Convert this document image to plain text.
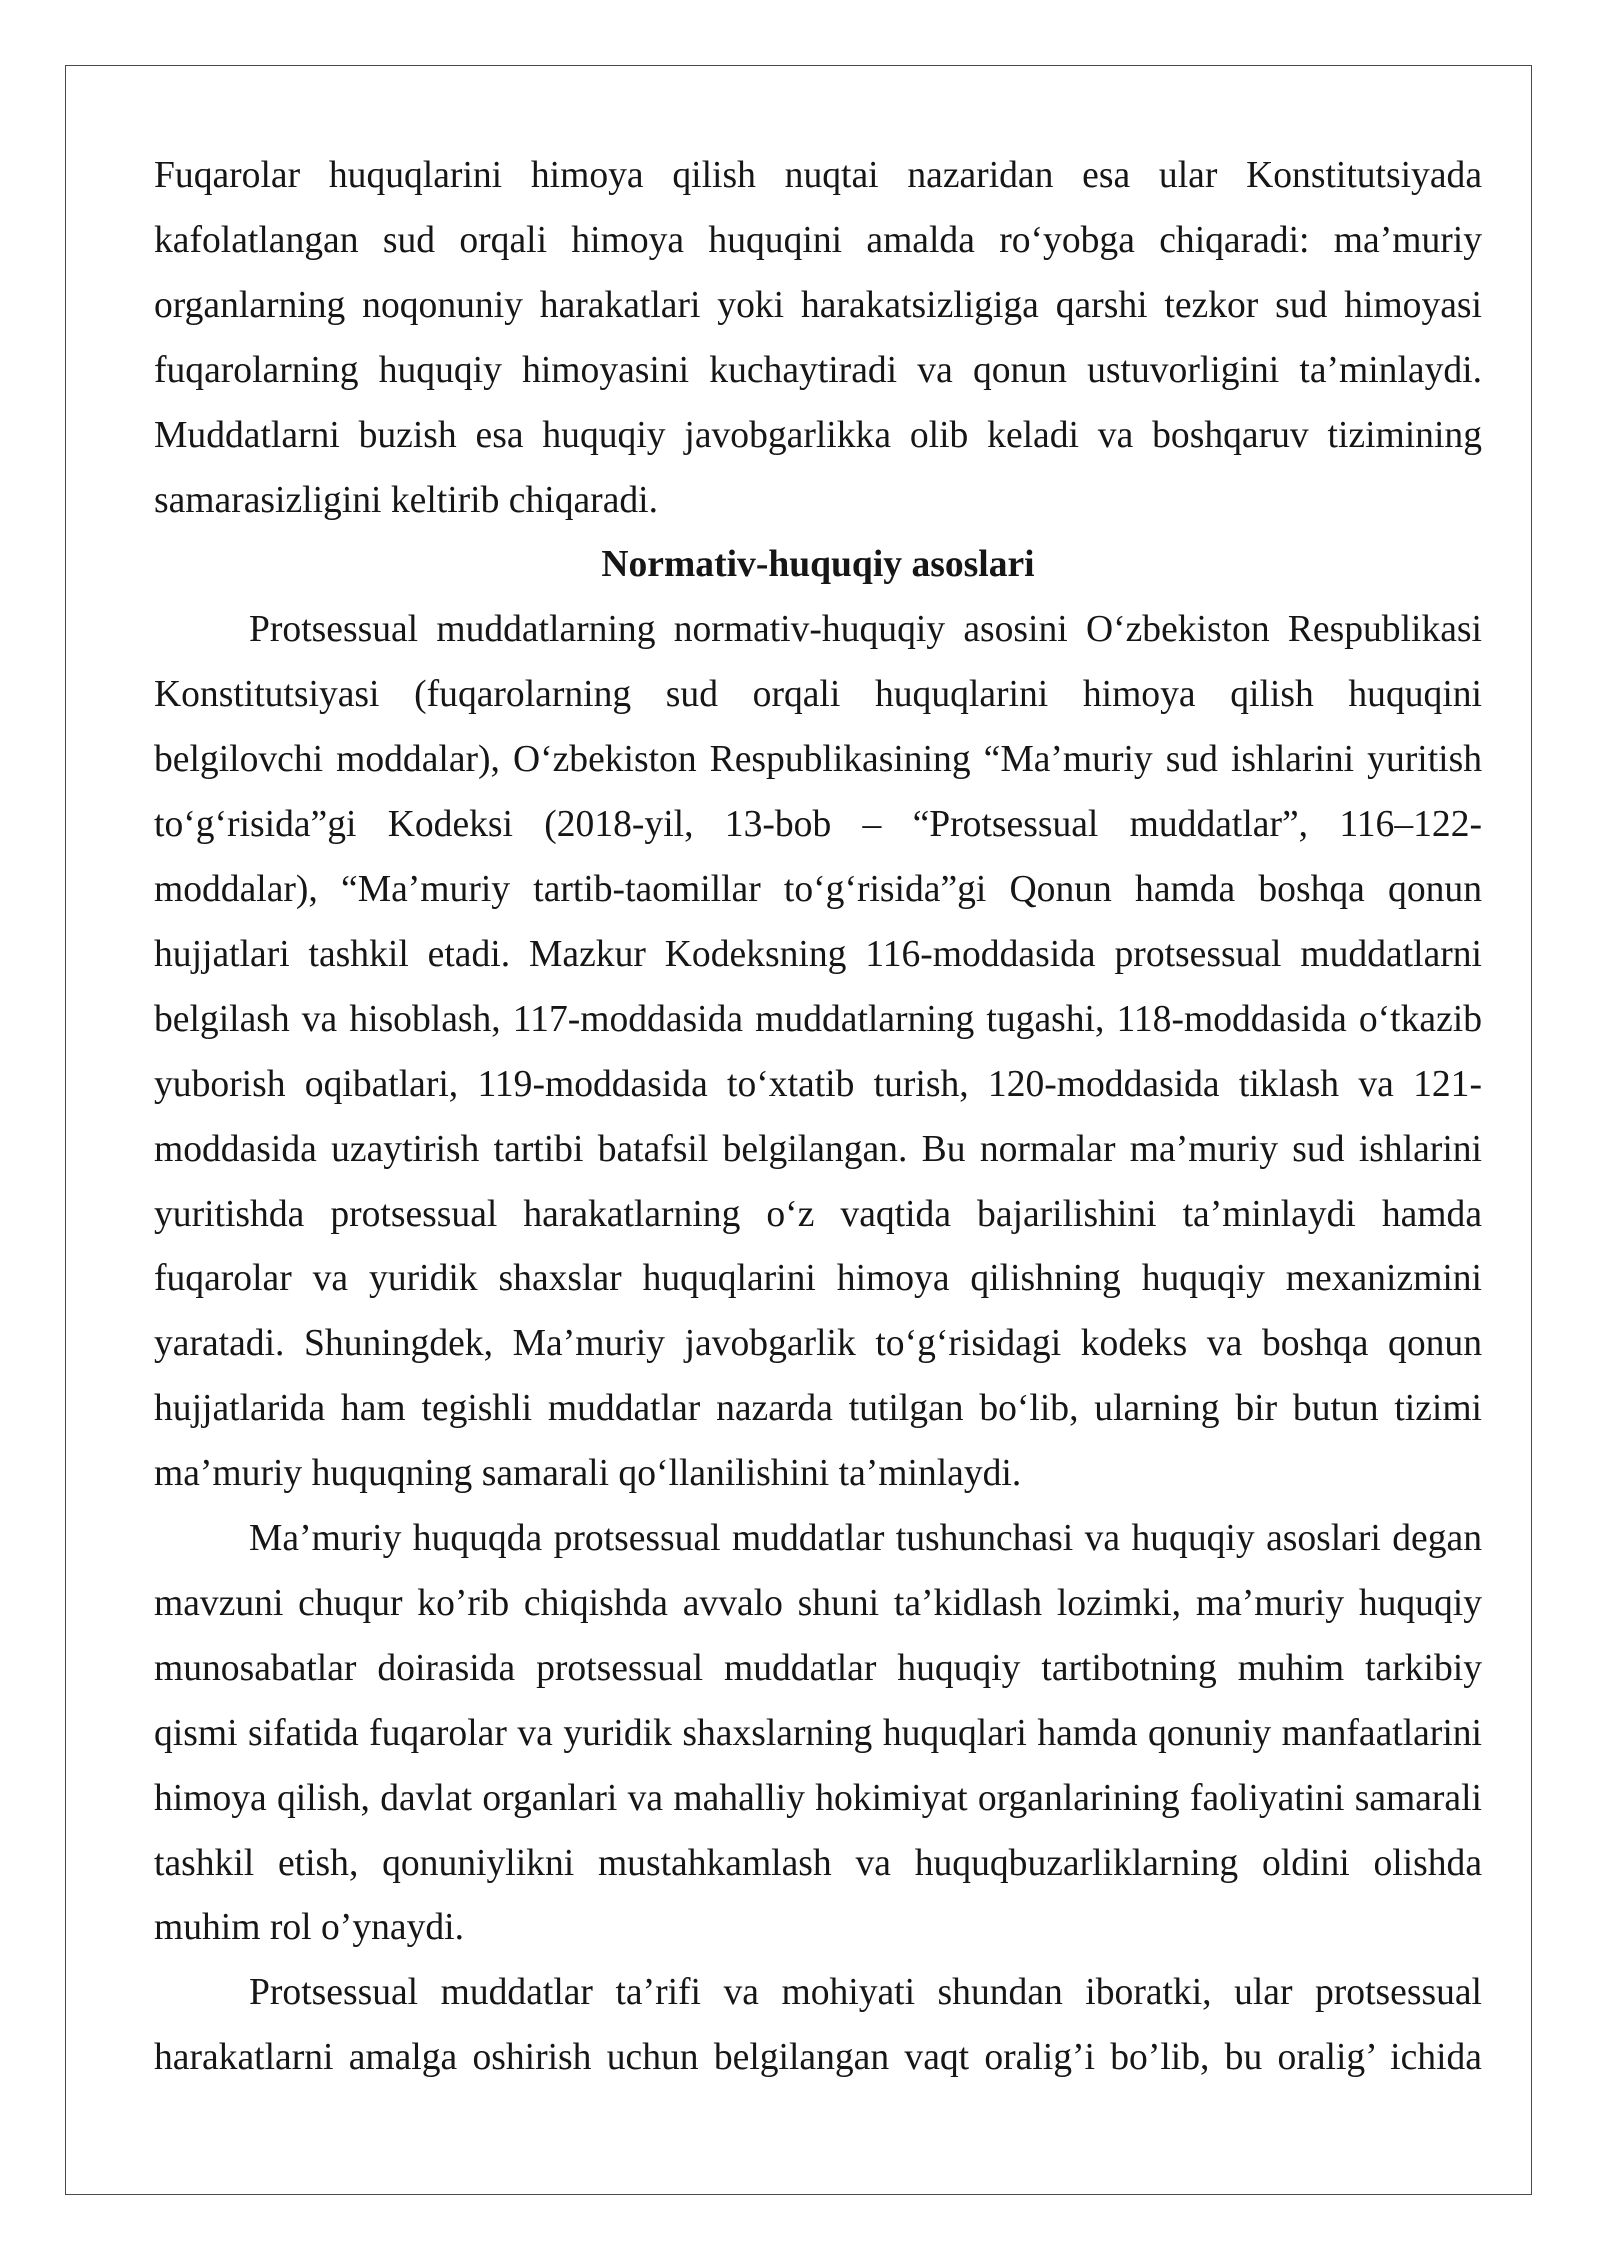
Fuqarolar huquqlarini himoya qilish nuqtai nazaridan esa ular Konstitutsiyada kafolatlangan sud orqali himoya huquqini amalda ro‘yobga chiqaradi: ma’muriy organlarning noqonuniy harakatlari yoki harakatsizligiga qarshi tezkor sud himoyasi fuqarolarning huquqiy himoyasini kuchaytiradi va qonun ustuvorligini ta’minlaydi. Muddatlarni buzish esa huquqiy javobgarlikka olib keladi va boshqaruv tizimining samarasizligini keltirib chiqaradi.

Normativ-huquqiy asoslari

Protsessual muddatlarning normativ-huquqiy asosini O‘zbekiston Respublikasi Konstitutsiyasi (fuqarolarning sud orqali huquqlarini himoya qilish huquqini belgilovchi moddalar), O‘zbekiston Respublikasining “Ma’muriy sud ishlarini yuritish to‘g‘risida”gi Kodeksi (2018-yil, 13-bob – “Protsessual muddatlar”, 116–122-moddalar), “Ma’muriy tartib-taomillar to‘g‘risida”gi Qonun hamda boshqa qonun hujjatlari tashkil etadi. Mazkur Kodeksning 116-moddasida protsessual muddatlarni belgilash va hisoblash, 117-moddasida muddatlarning tugashi, 118-moddasida o‘tkazib yuborish oqibatlari, 119-moddasida to‘xtatib turish, 120-moddasida tiklash va 121-moddasida uzaytirish tartibi batafsil belgilangan. Bu normalar ma’muriy sud ishlarini yuritishda protsessual harakatlarning o‘z vaqtida bajarilishini ta’minlaydi hamda fuqarolar va yuridik shaxslar huquqlarini himoya qilishning huquqiy mexanizmini yaratadi. Shuningdek, Ma’muriy javobgarlik to‘g‘risidagi kodeks va boshqa qonun hujjatlarida ham tegishli muddatlar nazarda tutilgan bo‘lib, ularning bir butun tizimi ma’muriy huquqning samarali qo‘llanilishini ta’minlaydi.

Ma’muriy huquqda protsessual muddatlar tushunchasi va huquqiy asoslari degan mavzuni chuqur ko’rib chiqishda avvalo shuni ta’kidlash lozimki, ma’muriy huquqiy munosabatlar doirasida protsessual muddatlar huquqiy tartibotning muhim tarkibiy qismi sifatida fuqarolar va yuridik shaxslarning huquqlari hamda qonuniy manfaatlarini himoya qilish, davlat organlari va mahalliy hokimiyat organlarining faoliyatini samarali tashkil etish, qonuniylikni mustahkamlash va huquqbuzarliklarning oldini olishda muhim rol o’ynaydi.

Protsessual muddatlar ta’rifi va mohiyati shundan iboratki, ular protsessual harakatlarni amalga oshirish uchun belgilangan vaqt oralig’i bo’lib, bu oralig’ ichida
